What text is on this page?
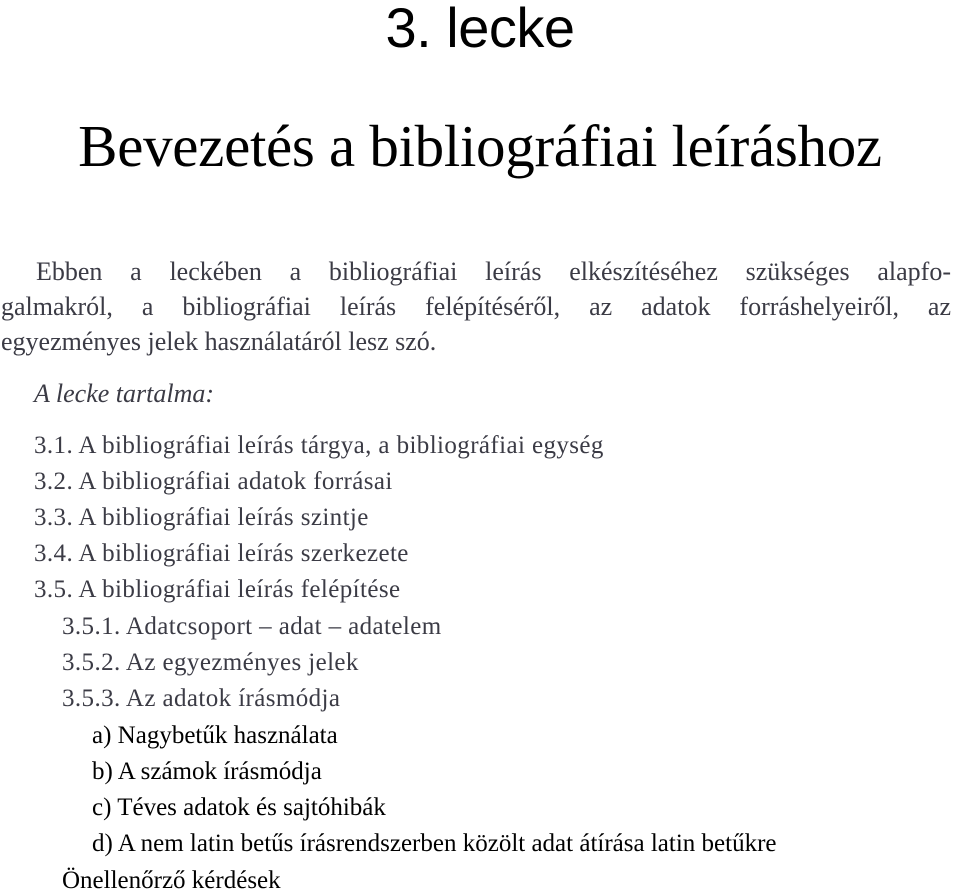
3. lecke
Bevezetés a bibliográfiai leíráshoz
Ebben a leckében a bibliográfiai leírás elkészítéséhez szükséges alapfo-
galmakról, a bibliográfiai leírás felépítéséről, az adatok forráshelyeiről, az
egyezményes jelek használatáról lesz szó.
A lecke tartalma:
3.1. A bibliográfiai leírás tárgya, a bibliográfiai egység
3.2. A bibliográfiai adatok forrásai
3.3. A bibliográfiai leírás szintje
3.4. A bibliográfiai leírás szerkezete
3.5. A bibliográfiai leírás felépítése
3.5.1. Adatcsoport – adat – adatelem
3.5.2. Az egyezményes jelek
3.5.3. Az adatok írásmódja
a) Nagybetűk használata
b) A számok írásmódja
c) Téves adatok és sajtóhibák
d) A nem latin betűs írásrendszerben közölt adat átírása latin betűkre
Önellenőrző kérdések
